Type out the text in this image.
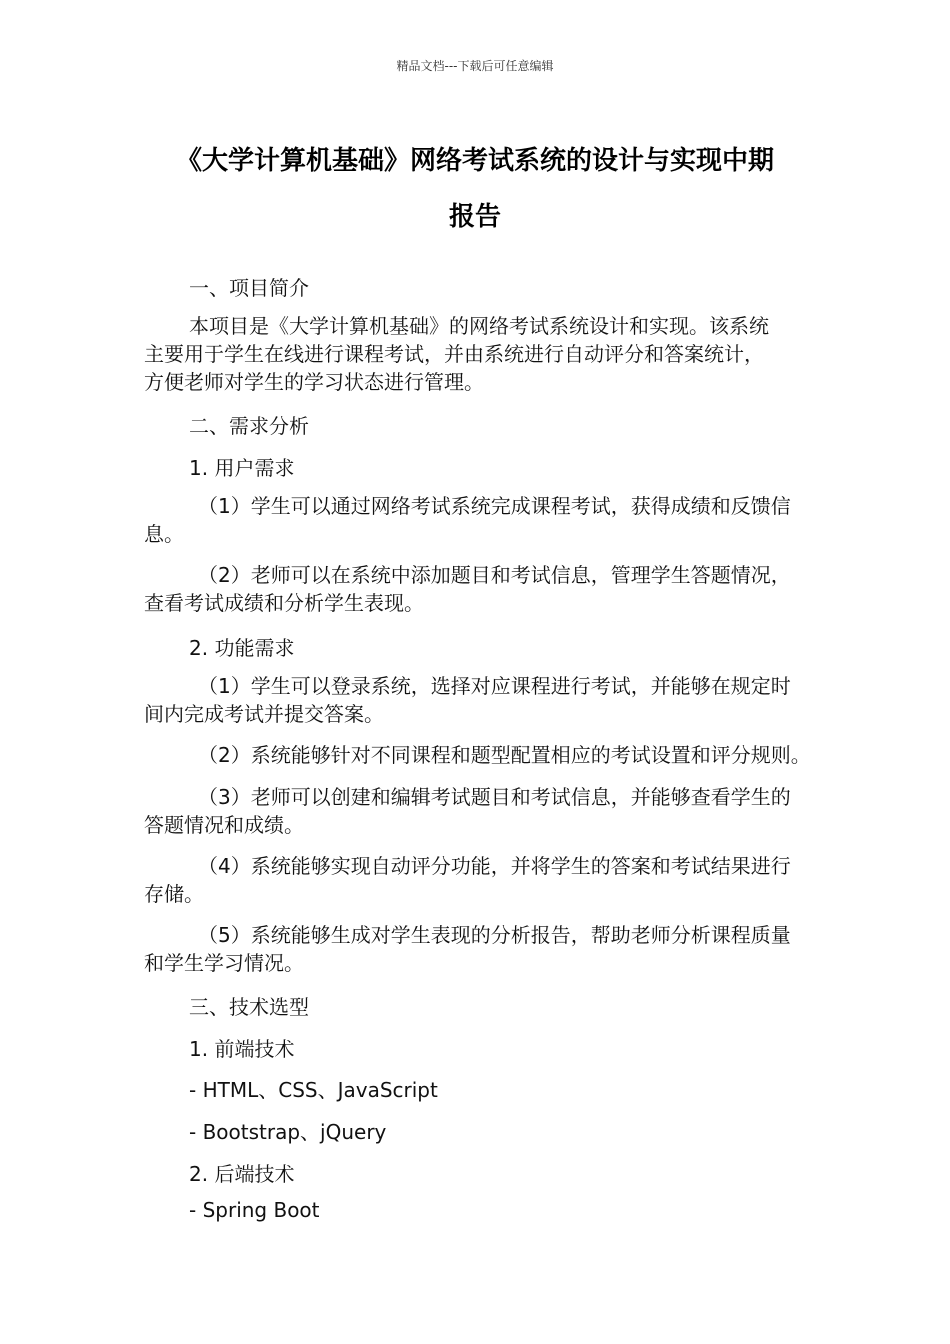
精品文档---下载后可任意编辑
《大学计算机基础》网络考试系统的设计与实现中期
报告
一、项目简介
本项目是《大学计算机基础》的网络考试系统设计和实现。该系统
主要用于学生在线进行课程考试，并由系统进行自动评分和答案统计，
方便老师对学生的学习状态进行管理。
二、需求分析
1. 用户需求
（1）学生可以通过网络考试系统完成课程考试，获得成绩和反馈信
息。
（2）老师可以在系统中添加题目和考试信息，管理学生答题情况，
查看考试成绩和分析学生表现。
2. 功能需求
（1）学生可以登录系统，选择对应课程进行考试，并能够在规定时
间内完成考试并提交答案。
（2）系统能够针对不同课程和题型配置相应的考试设置和评分规则。
（3）老师可以创建和编辑考试题目和考试信息，并能够查看学生的
答题情况和成绩。
（4）系统能够实现自动评分功能，并将学生的答案和考试结果进行
存储。
（5）系统能够生成对学生表现的分析报告，帮助老师分析课程质量
和学生学习情况。
三、技术选型
1. 前端技术
- HTML、CSS、JavaScript
- Bootstrap、jQuery
2. 后端技术
- Spring Boot
